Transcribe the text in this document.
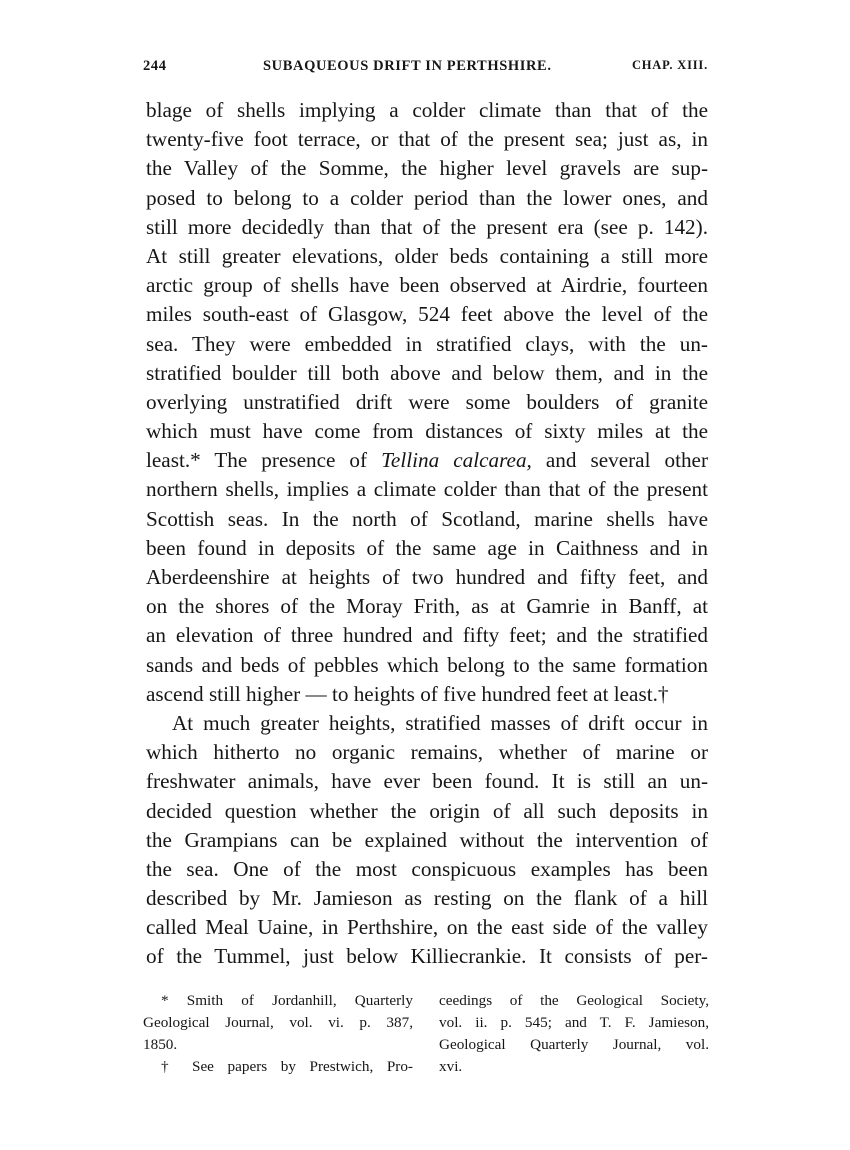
244	SUBAQUEOUS DRIFT IN PERTHSHIRE.	CHAP. XIII.
blage of shells implying a colder climate than that of the
twenty-five foot terrace, or that of the present sea; just as, in
the Valley of the Somme, the higher level gravels are sup-
posed to belong to a colder period than the lower ones, and
still more decidedly than that of the present era (see p. 142).
At still greater elevations, older beds containing a still more
arctic group of shells have been observed at Airdrie, fourteen
miles south-east of Glasgow, 524 feet above the level of the
sea. They were embedded in stratified clays, with the un-
stratified boulder till both above and below them, and in the
overlying unstratified drift were some boulders of granite
which must have come from distances of sixty miles at the
least.* The presence of Tellina calcarea, and several other
northern shells, implies a climate colder than that of the present
Scottish seas. In the north of Scotland, marine shells have
been found in deposits of the same age in Caithness and in
Aberdeenshire at heights of two hundred and fifty feet, and
on the shores of the Moray Frith, as at Gamrie in Banff, at
an elevation of three hundred and fifty feet; and the stratified
sands and beds of pebbles which belong to the same formation
ascend still higher — to heights of five hundred feet at least.†
At much greater heights, stratified masses of drift occur in
which hitherto no organic remains, whether of marine or
freshwater animals, have ever been found. It is still an un-
decided question whether the origin of all such deposits in
the Grampians can be explained without the intervention of
the sea. One of the most conspicuous examples has been
described by Mr. Jamieson as resting on the flank of a hill
called Meal Uaine, in Perthshire, on the east side of the valley
of the Tummel, just below Killiecrankie. It consists of per-
* Smith of Jordanhill, Quarterly
Geological Journal, vol. vi. p. 387,
1850.
† See papers by Prestwich, Pro-
ceedings of the Geological Society,
vol. ii. p. 545; and T. F. Jamieson,
Geological Quarterly Journal, vol.
xvi.
